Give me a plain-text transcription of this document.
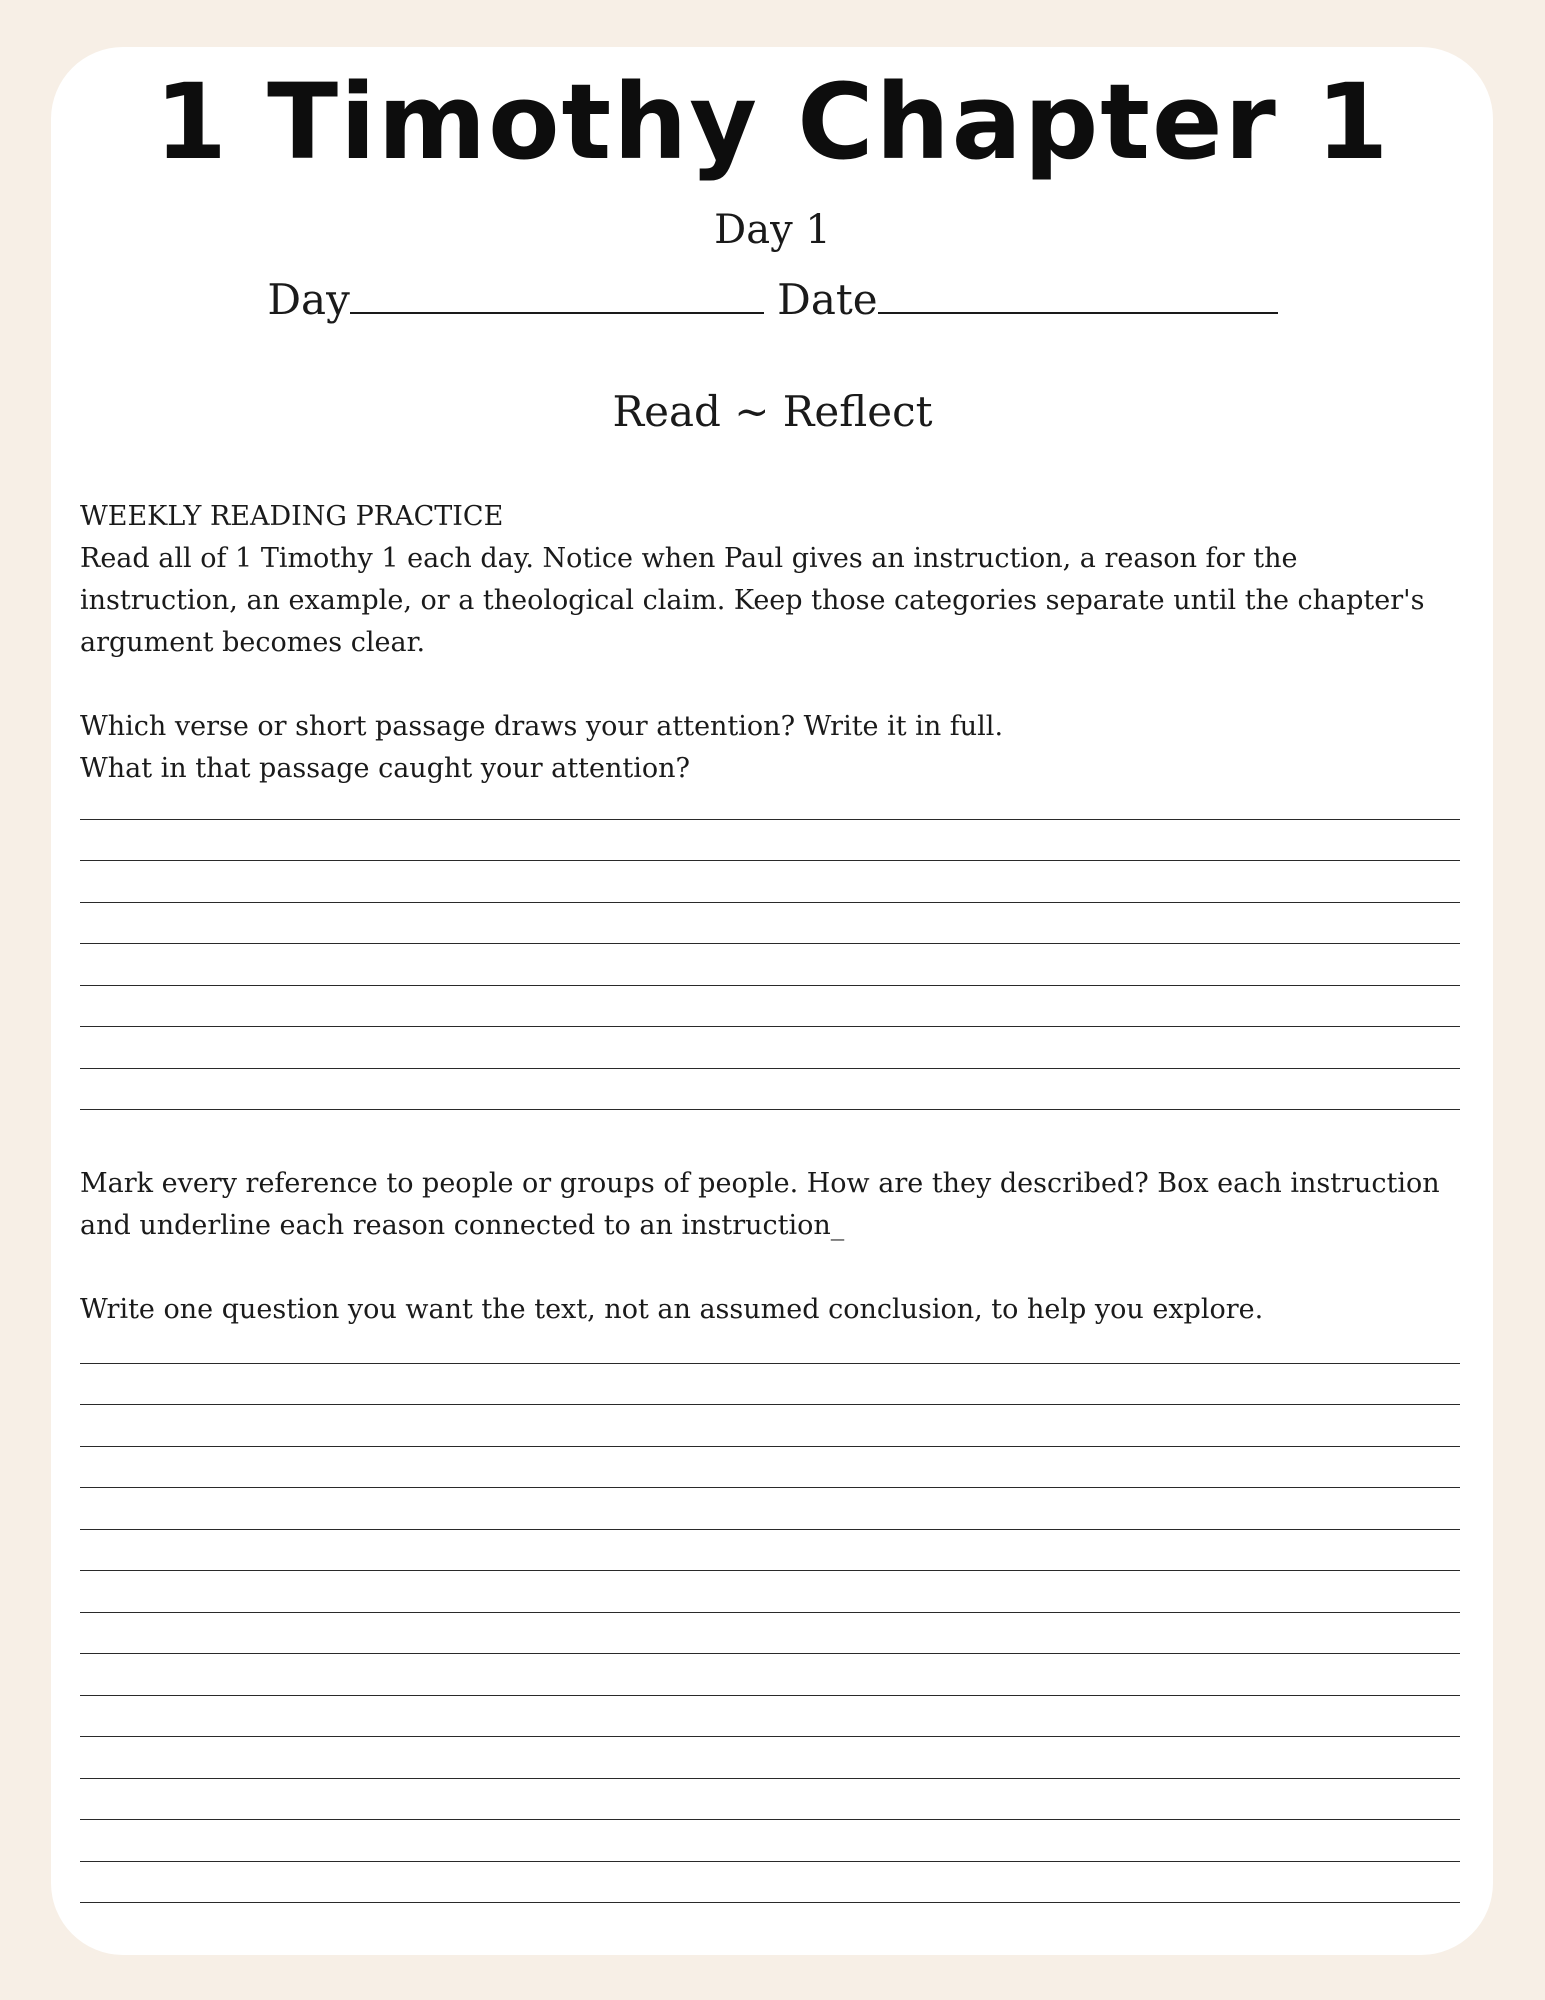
1 Timothy Chapter 1
Day 1
Day	Date
Read ~ Reflect
WEEKLY READING PRACTICE
Read all of 1 Timothy 1 each day. Notice when Paul gives an instruction, a reason for the instruction, an example, or a theological claim. Keep those categories separate until the chapter's argument becomes clear.
Which verse or short passage draws your attention? Write it in full.
What in that passage caught your attention?
Mark every reference to people or groups of people. How are they described? Box each instruction and underline each reason connected to an instruction_
Write one question you want the text, not an assumed conclusion, to help you explore.
